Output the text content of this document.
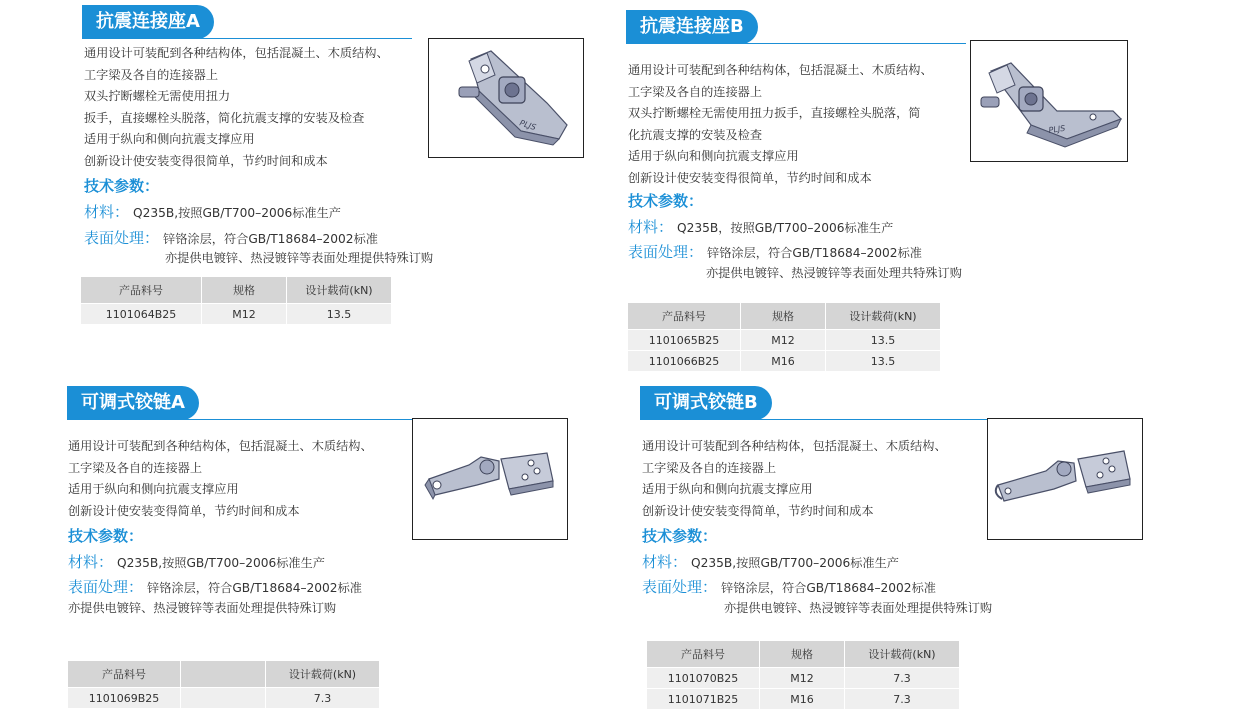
抗震连接座A
通用设计可装配到各种结构体，包括混凝土、木质结构、
工字梁及各自的连接器上
双头拧断螺栓无需使用扭力
扳手，直接螺栓头脱落，简化抗震支撑的安装及检查
适用于纵向和侧向抗震支撑应用
创新设计使安装变得很简单，节约时间和成本
技术参数：
材料： Q235B,按照GB/T700–2006标准生产
表面处理： 锌铬涂层，符合GB/T18684–2002标准
亦提供电镀锌、热浸镀锌等表面处理提供特殊订购
PLJS
产品料号	规格	设计载荷(kN)
1101064B25	M12	13.5
抗震连接座B
通用设计可装配到各种结构体，包括混凝土、木质结构、
工字梁及各自的连接器上
双头拧断螺栓无需使用扭力扳手，直接螺栓头脱落，简
化抗震支撑的安装及检查
适用于纵向和侧向抗震支撑应用
创新设计使安装变得很简单，节约时间和成本
技术参数：
材料： Q235B，按照GB/T700–2006标准生产
表面处理： 锌铬涂层，符合GB/T18684–2002标准
亦提供电镀锌、热浸镀锌等表面处理共特殊订购
PLJS
产品料号	规格	设计载荷(kN)
1101065B25	M12	13.5
1101066B25	M16	13.5
可调式铰链A
通用设计可装配到各种结构体，包括混凝土、木质结构、
工字梁及各自的连接器上
适用于纵向和侧向抗震支撑应用
创新设计使安装变得简单，节约时间和成本
技术参数：
材料： Q235B,按照GB/T700–2006标准生产
表面处理： 锌铬涂层，符合GB/T18684–2002标准
亦提供电镀锌、热浸镀锌等表面处理提供特殊订购
产品料号		设计载荷(kN)
1101069B25		7.3
可调式铰链B
通用设计可装配到各种结构体，包括混凝土、木质结构、
工字梁及各自的连接器上
适用于纵向和侧向抗震支撑应用
创新设计使安装变得简单，节约时间和成本
技术参数：
材料： Q235B,按照GB/T700–2006标准生产
表面处理： 锌铬涂层，符合GB/T18684–2002标准
亦提供电镀锌、热浸镀锌等表面处理提供特殊订购
产品料号	规格	设计载荷(kN)
1101070B25	M12	7.3
1101071B25	M16	7.3
